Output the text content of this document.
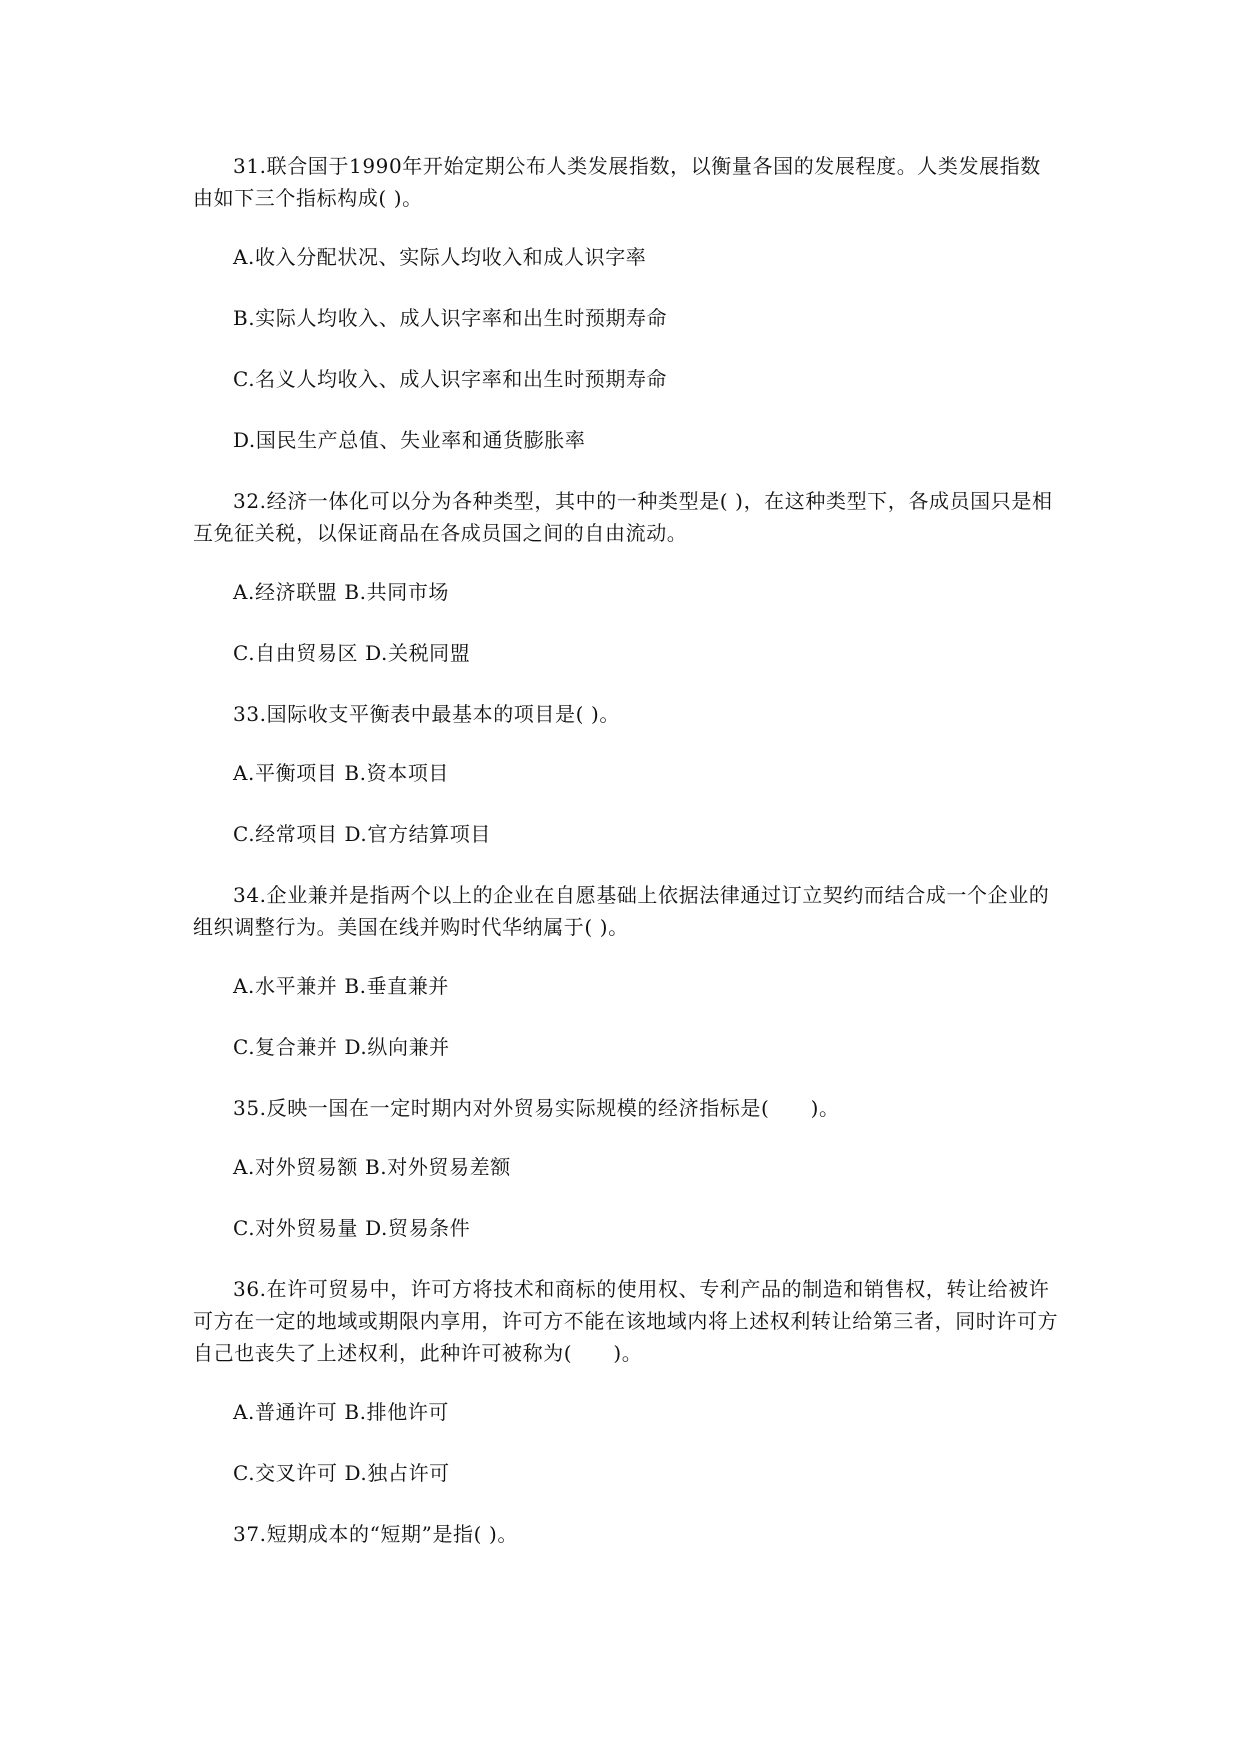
31.联合国于1990年开始定期公布人类发展指数，以衡量各国的发展程度。人类发展指数由如下三个指标构成( )。

A.收入分配状况、实际人均收入和成人识字率

B.实际人均收入、成人识字率和出生时预期寿命

C.名义人均收入、成人识字率和出生时预期寿命

D.国民生产总值、失业率和通货膨胀率

32.经济一体化可以分为各种类型，其中的一种类型是( )，在这种类型下，各成员国只是相互免征关税，以保证商品在各成员国之间的自由流动。

A.经济联盟 B.共同市场

C.自由贸易区 D.关税同盟

33.国际收支平衡表中最基本的项目是( )。

A.平衡项目 B.资本项目

C.经常项目 D.官方结算项目

34.企业兼并是指两个以上的企业在自愿基础上依据法律通过订立契约而结合成一个企业的组织调整行为。美国在线并购时代华纳属于( )。

A.水平兼并 B.垂直兼并

C.复合兼并 D.纵向兼并

35.反映一国在一定时期内对外贸易实际规模的经济指标是(　　)。

A.对外贸易额 B.对外贸易差额

C.对外贸易量 D.贸易条件

36.在许可贸易中，许可方将技术和商标的使用权、专利产品的制造和销售权，转让给被许可方在一定的地域或期限内享用，许可方不能在该地域内将上述权利转让给第三者，同时许可方自己也丧失了上述权利，此种许可被称为(　　)。

A.普通许可 B.排他许可

C.交叉许可 D.独占许可

37.短期成本的“短期”是指( )。
